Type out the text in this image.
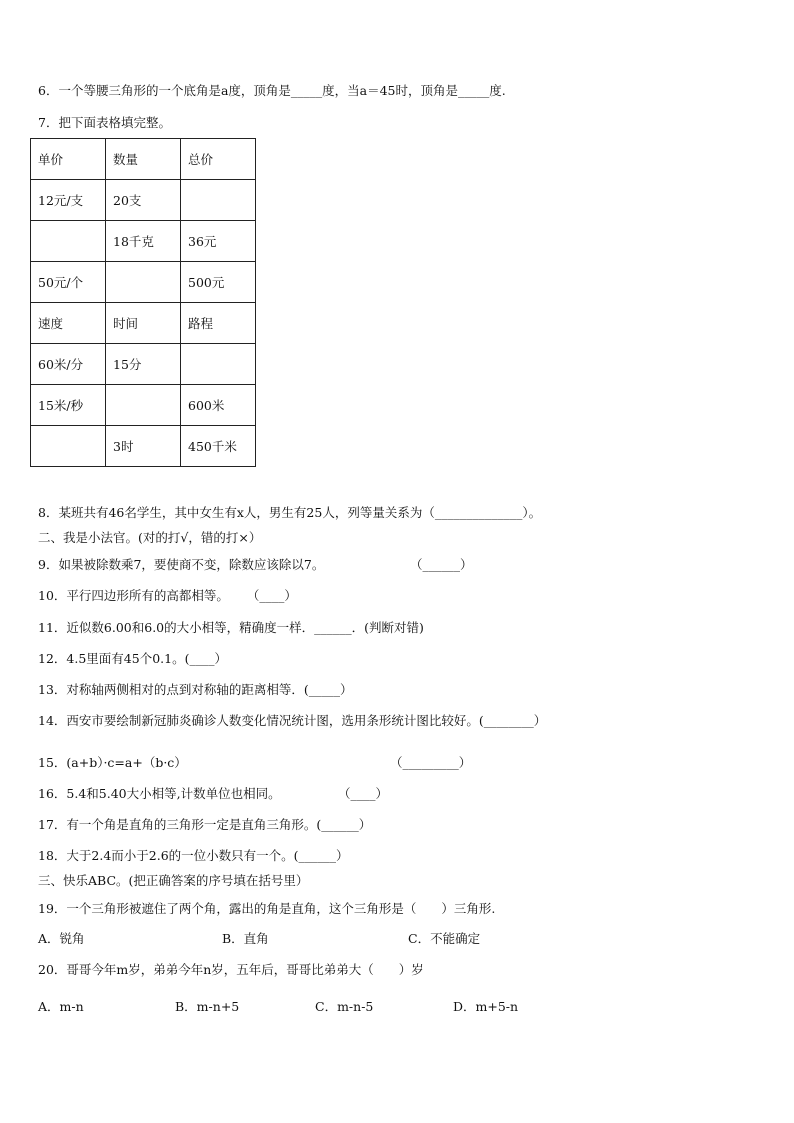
6．一个等腰三角形的一个底角是a度，顶角是_____度，当a＝45时，顶角是_____度.
7．把下面表格填完整。
单价	数量	总价
12元/支	20支	
	18千克	36元
50元/个		500元
速度	时间	路程
60米/分	15分	
15米/秒		600米
	3时	450千米
8．某班共有46名学生，其中女生有x人，男生有25人，列等量关系为（______________）。
二、我是小法官。(对的打√，错的打×）
9．如果被除数乘7，要使商不变，除数应该除以7。	（______）
10．平行四边形所有的高都相等。 （____）
11．近似数6.00和6.0的大小相等，精确度一样．______．(判断对错)
12．4.5里面有45个0.1。(____）
13．对称轴两侧相对的点到对称轴的距离相等．(_____）
14．西安市要绘制新冠肺炎确诊人数变化情况统计图，选用条形统计图比较好。(________）
15．(a+b）·c=a+（b·c）	（_________）
16．5.4和5.40大小相等,计数单位也相同。	（____）
17．有一个角是直角的三角形一定是直角三角形。(______）
18．大于2.4而小于2.6的一位小数只有一个。(______）
三、快乐ABC。(把正确答案的序号填在括号里）
19．一个三角形被遮住了两个角，露出的角是直角，这个三角形是（　　）三角形.
A．锐角	B．直角	C．不能确定
20．哥哥今年m岁，弟弟今年n岁，五年后，哥哥比弟弟大（　　）岁
A．m-n	B．m-n+5	C．m-n-5	D．m+5-n
